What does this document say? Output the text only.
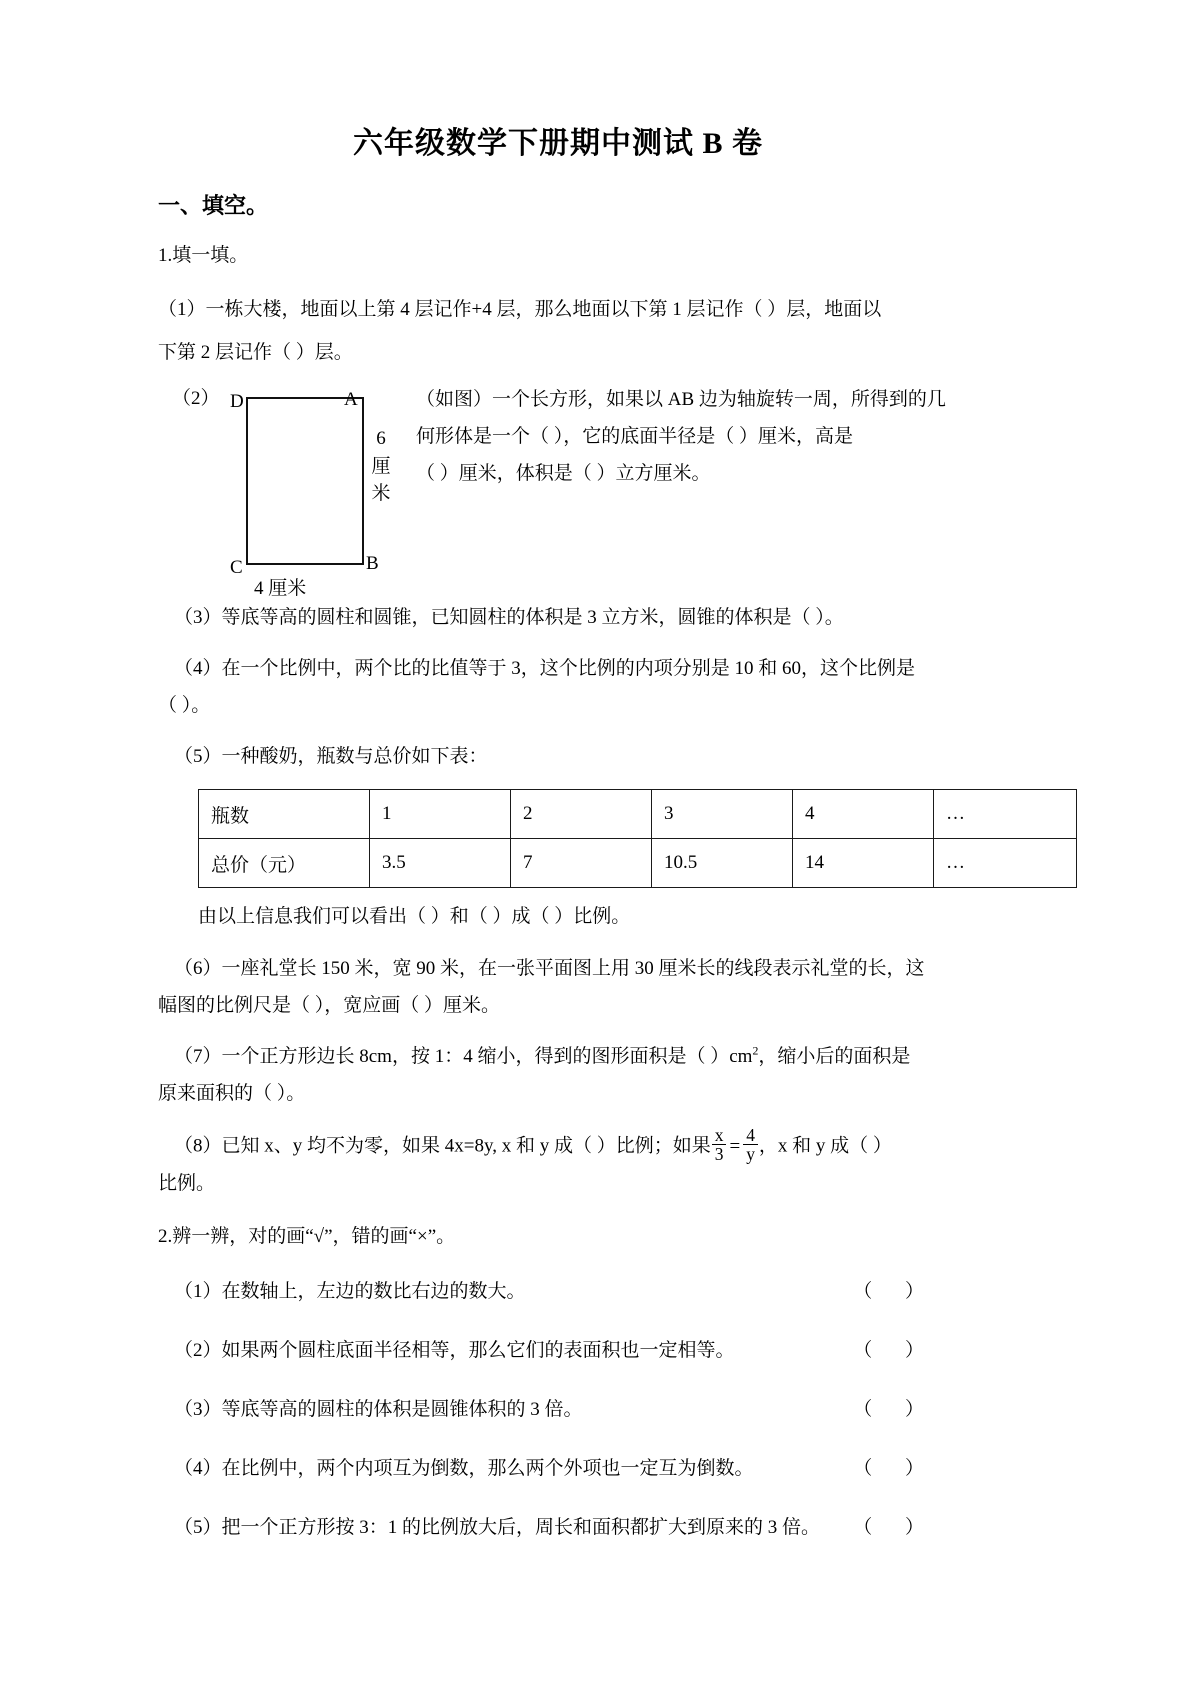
六年级数学下册期中测试 B 卷
一、填空。
1.填一填。
（1）一栋大楼，地面以上第 4 层记作+4 层，那么地面以下第 1 层记作（ ）层，地面以
下第 2 层记作（ ）层。
（2） D	A
C	B
6 厘 米
4 厘米
（如图）一个长方形，如果以 AB 边为轴旋转一周，所得到的几
何形体是一个（ ），它的底面半径是（ ）厘米，高是
（ ）厘米，体积是（ ）立方厘米。
（3）等底等高的圆柱和圆锥，已知圆柱的体积是 3 立方米，圆锥的体积是（ ）。
（4）在一个比例中，两个比的比值等于 3，这个比例的内项分别是 10 和 60，这个比例是
（ ）。
（5）一种酸奶，瓶数与总价如下表：
瓶数	1	2	3	4	…
总价（元）	3.5	7	10.5	14	…
由以上信息我们可以看出（ ）和（ ）成（ ）比例。
（6）一座礼堂长 150 米，宽 90 米，在一张平面图上用 30 厘米长的线段表示礼堂的长，这
幅图的比例尺是（ ），宽应画（ ）厘米。
（7）一个正方形边长 8cm，按 1：4 缩小，得到的图形面积是（ ）$cm^2$，缩小后的面积是
原来面积的（ ）。
（8）已知 x、y 均不为零，如果 4x=8y, x 和 y 成（ ）比例；如果 $\frac{x}{3} = \frac{4}{y}$ ，x 和 y 成（ ）
比例。
2.辨一辨，对的画“√”，错的画“×”。
（1）在数轴上，左边的数比右边的数大。	（ ）
（2）如果两个圆柱底面半径相等，那么它们的表面积也一定相等。	（ ）
（3）等底等高的圆柱的体积是圆锥体积的 3 倍。	（ ）
（4）在比例中，两个内项互为倒数，那么两个外项也一定互为倒数。	（ ）
（5）把一个正方形按 3：1 的比例放大后，周长和面积都扩大到原来的 3 倍。 （ ）
